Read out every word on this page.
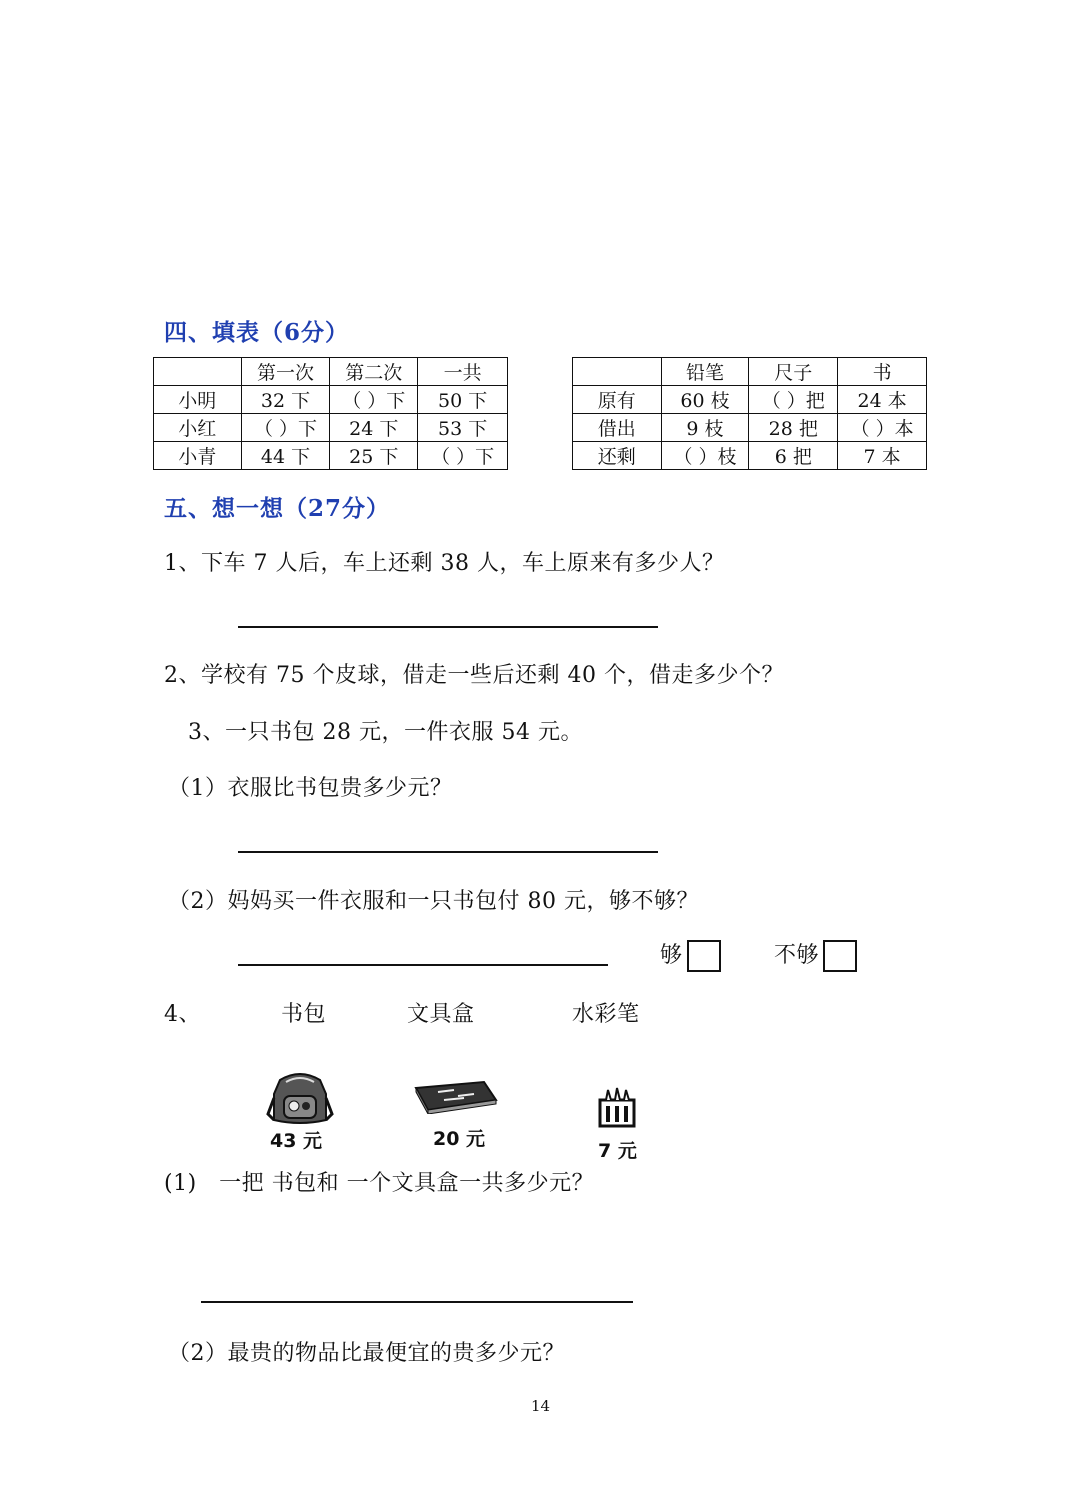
四、填表（6分）
	第一次	第二次	一共
小明	32 下	（ ）下	50 下
小红	（ ）下	24 下	53 下
小青	44 下	25 下	（ ）下
	铅笔	尺子	书
原有	60 枝	（ ）把	24 本
借出	9 枝	28 把	（ ）本
还剩	（ ）枝	6 把	7 本
五、想一想（27分）
1、下车 7 人后，车上还剩 38 人，车上原来有多少人？
2、学校有 75 个皮球，借走一些后还剩 40 个，借走多少个？
3、一只书包 28 元，一件衣服 54 元。
（1）衣服比书包贵多少元？
（2）妈妈买一件衣服和一只书包付 80 元，够不够？
够	不够
4、	书包	文具盒	水彩笔
43 元	20 元
7 元
(1)　一把 书包和 一个文具盒一共多少元？
（2）最贵的物品比最便宜的贵多少元？
14
